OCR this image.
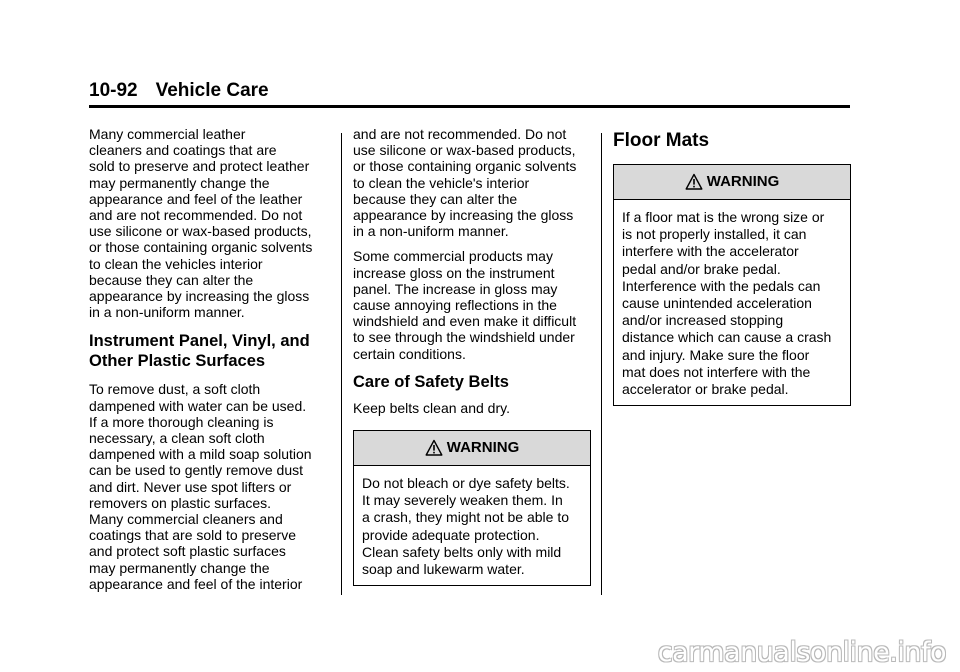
10-92 Vehicle Care
Many commercial leather
cleaners and coatings that are
sold to preserve and protect leather
may permanently change the
appearance and feel of the leather
and are not recommended. Do not
use silicone or wax-based products,
or those containing organic solvents
to clean the vehicles interior
because they can alter the
appearance by increasing the gloss
in a non-uniform manner.
Instrument Panel, Vinyl, and
Other Plastic Surfaces
To remove dust, a soft cloth
dampened with water can be used.
If a more thorough cleaning is
necessary, a clean soft cloth
dampened with a mild soap solution
can be used to gently remove dust
and dirt. Never use spot lifters or
removers on plastic surfaces.
Many commercial cleaners and
coatings that are sold to preserve
and protect soft plastic surfaces
may permanently change the
appearance and feel of the interior
and are not recommended. Do not
use silicone or wax-based products,
or those containing organic solvents
to clean the vehicle's interior
because they can alter the
appearance by increasing the gloss
in a non-uniform manner.
Some commercial products may
increase gloss on the instrument
panel. The increase in gloss may
cause annoying reflections in the
windshield and even make it difficult
to see through the windshield under
certain conditions.
Care of Safety Belts
Keep belts clean and dry.
WARNING
Do not bleach or dye safety belts.
It may severely weaken them. In
a crash, they might not be able to
provide adequate protection.
Clean safety belts only with mild
soap and lukewarm water.
Floor Mats
WARNING
If a floor mat is the wrong size or
is not properly installed, it can
interfere with the accelerator
pedal and/or brake pedal.
Interference with the pedals can
cause unintended acceleration
and/or increased stopping
distance which can cause a crash
and injury. Make sure the floor
mat does not interfere with the
accelerator or brake pedal.
carmanualsonline.info
